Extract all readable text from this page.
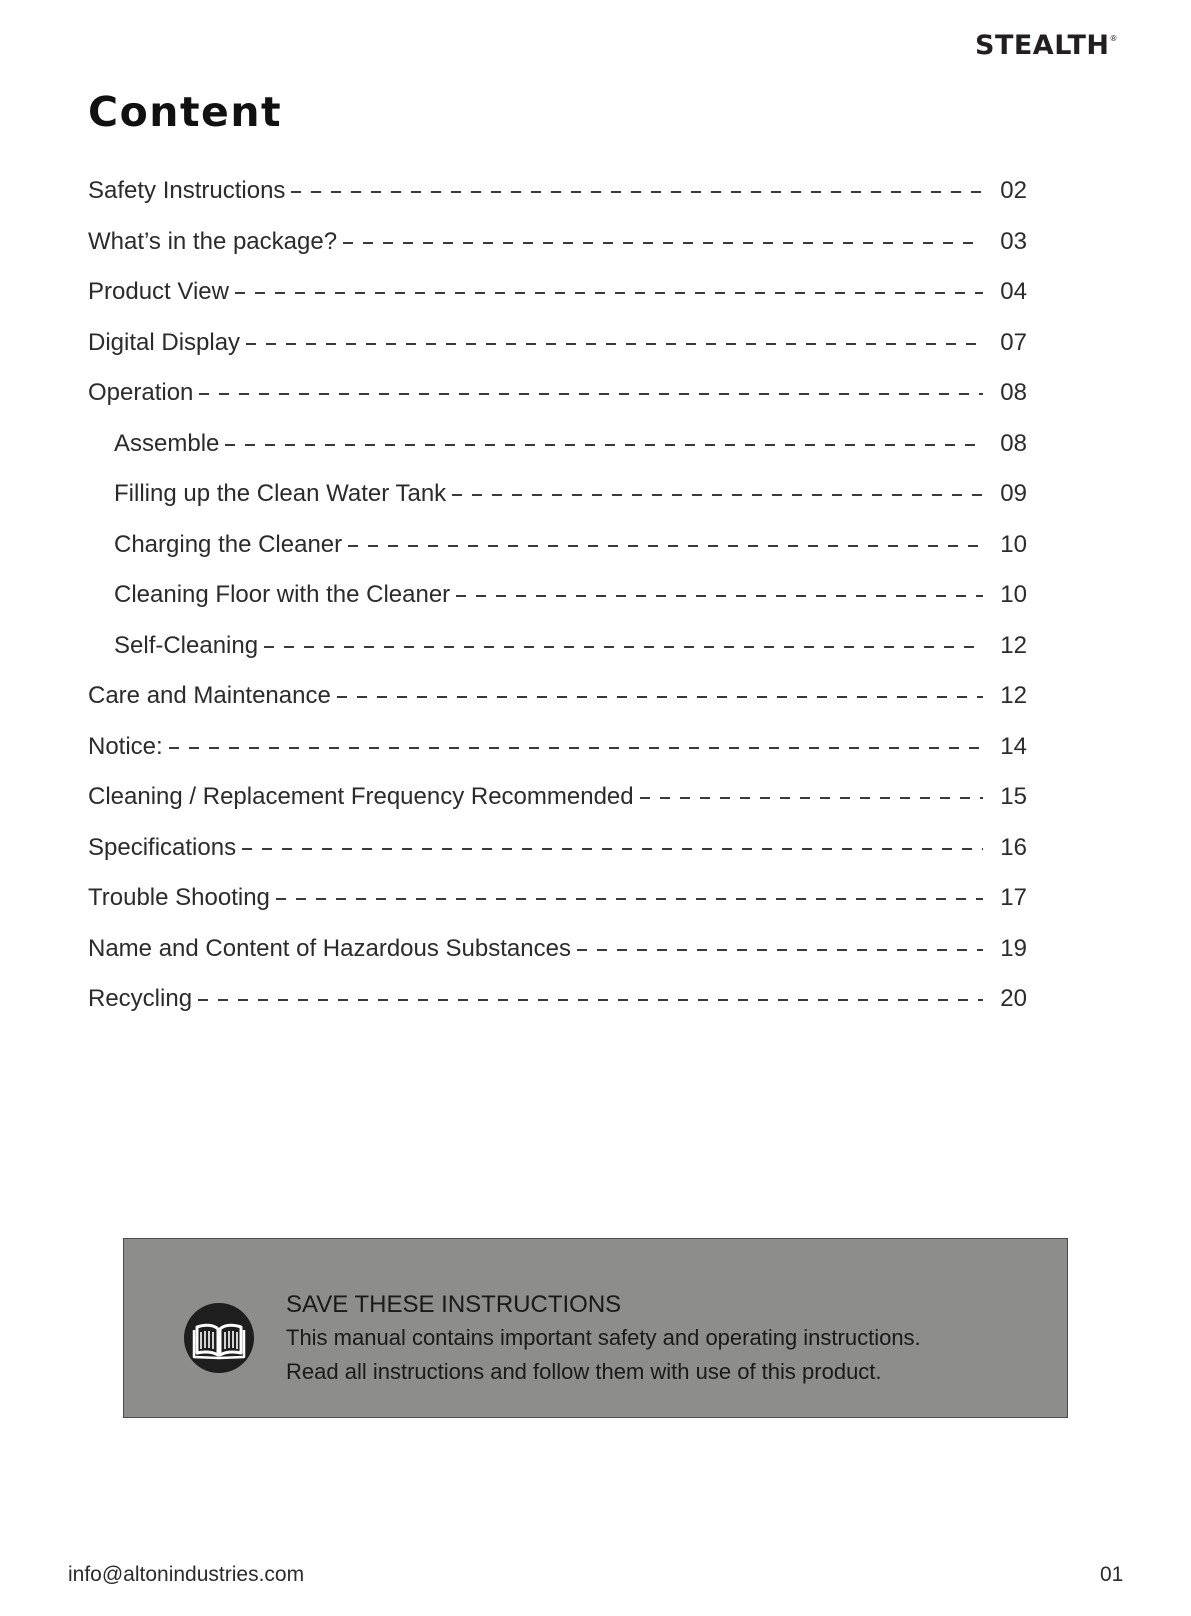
STEALTH®
Content
Safety Instructions	02
What’s in the package?	03
Product View	04
Digital Display	07
Operation	08
Assemble	08
Filling up the Clean Water Tank	09
Charging the Cleaner	10
Cleaning Floor with the Cleaner	10
Self-Cleaning	12
Care and Maintenance	12
Notice:	14
Cleaning / Replacement Frequency Recommended	15
Specifications	16
Trouble Shooting	17
Name and Content of Hazardous Substances	19
Recycling	20
SAVE THESE INSTRUCTIONS
This manual contains important safety and operating instructions.
Read all instructions and follow them with use of this product.
info@altonindustries.com	01
